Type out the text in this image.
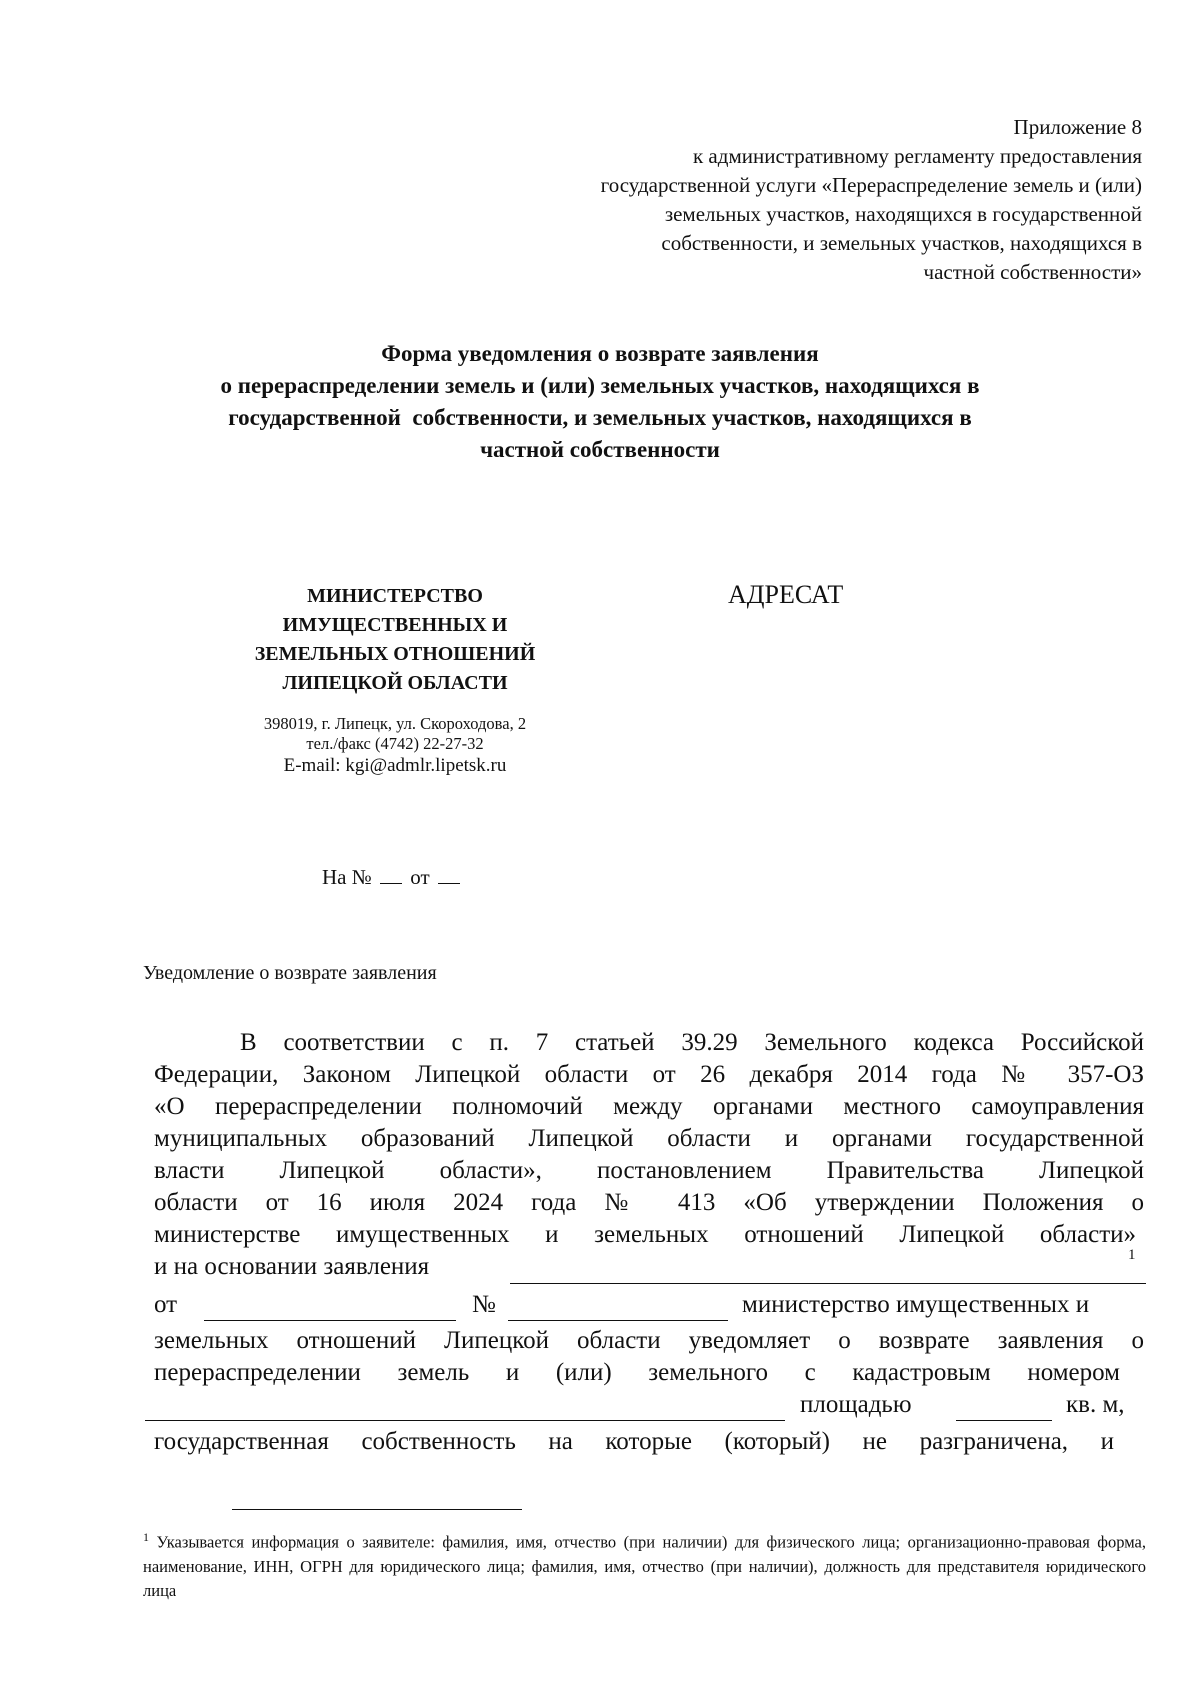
Приложение 8
к административному регламенту предоставления
государственной услуги «Перераспределение земель и (или)
земельных участков, находящихся в государственной
собственности, и земельных участков, находящихся в
частной собственности»
Форма уведомления о возврате заявления
о перераспределении земель и (или) земельных участков, находящихся в
государственной  собственности, и земельных участков, находящихся в
частной собственности
МИНИСТЕРСТВО
ИМУЩЕСТВЕННЫХ И
ЗЕМЕЛЬНЫХ ОТНОШЕНИЙ
ЛИПЕЦКОЙ ОБЛАСТИ
398019, г. Липецк, ул. Скороходова, 2
тел./факс (4742) 22-27-32
E-mail: kgi@admlr.lipetsk.ru
АДРЕСАТ
На № от
Уведомление о возврате заявления
В соответствии с п. 7 статьей 39.29 Земельного кодекса Российской
Федерации, Законом Липецкой области от 26 декабря 2014 года № 357-ОЗ
«О перераспределении полномочий между органами местного самоуправления
муниципальных образований Липецкой области и органами государственной
власти Липецкой области», постановлением Правительства Липецкой
области от 16 июля 2024 года № 413 «Об утверждении Положения о
министерстве имущественных и земельных отношений Липецкой области»
и на основании заявления	1
от	№	министерство имущественных и
земельных отношений Липецкой области уведомляет о возврате заявления о
перераспределении земель и (или) земельного с кадастровым номером
площадью	кв. м,
государственная собственность на которые (который) не разграничена, и
$^1$ Указывается информация о заявителе: фамилия, имя, отчество (при наличии) для физического лица; организационно-правовая форма, наименование, ИНН, ОГРН для юридического лица; фамилия, имя, отчество (при наличии), должность для представителя юридического лица
